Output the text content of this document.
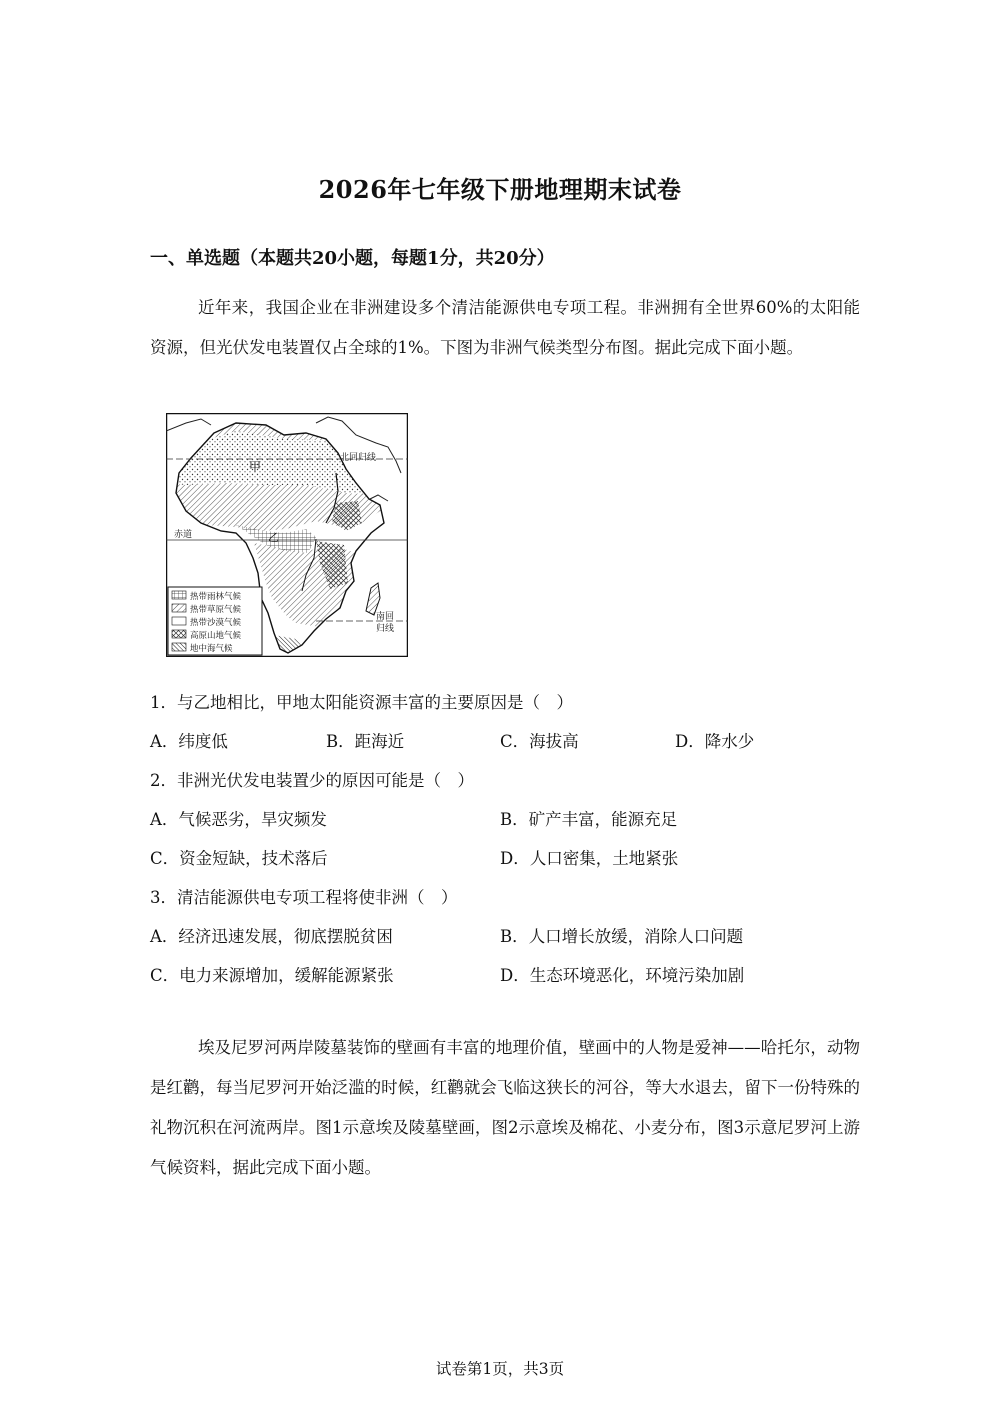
2026年七年级下册地理期末试卷
一、单选题（本题共20小题，每题1分，共20分）
近年来，我国企业在非洲建设多个清洁能源供电专项工程。非洲拥有全世界60%的太阳能资源，但光伏发电装置仅占全球的1%。下图为非洲气候类型分布图。据此完成下面小题。
甲
乙
北回归线
赤道
南回
归线
热带雨林气候
热带草原气候
热带沙漠气候
高原山地气候
地中海气候
1．与乙地相比，甲地太阳能资源丰富的主要原因是（　）
A．纬度低	B．距海近	C．海拔高	D．降水少
2．非洲光伏发电装置少的原因可能是（　）
A．气候恶劣，旱灾频发	B．矿产丰富，能源充足
C．资金短缺，技术落后	D．人口密集，土地紧张
3．清洁能源供电专项工程将使非洲（　）
A．经济迅速发展，彻底摆脱贫困	B．人口增长放缓，消除人口问题
C．电力来源增加，缓解能源紧张	D．生态环境恶化，环境污染加剧
埃及尼罗河两岸陵墓装饰的壁画有丰富的地理价值，壁画中的人物是爱神——哈托尔，动物是红鹳，每当尼罗河开始泛滥的时候，红鹳就会飞临这狭长的河谷，等大水退去，留下一份特殊的礼物沉积在河流两岸。图1示意埃及陵墓壁画，图2示意埃及棉花、小麦分布，图3示意尼罗河上游气候资料，据此完成下面小题。
试卷第1页，共3页
